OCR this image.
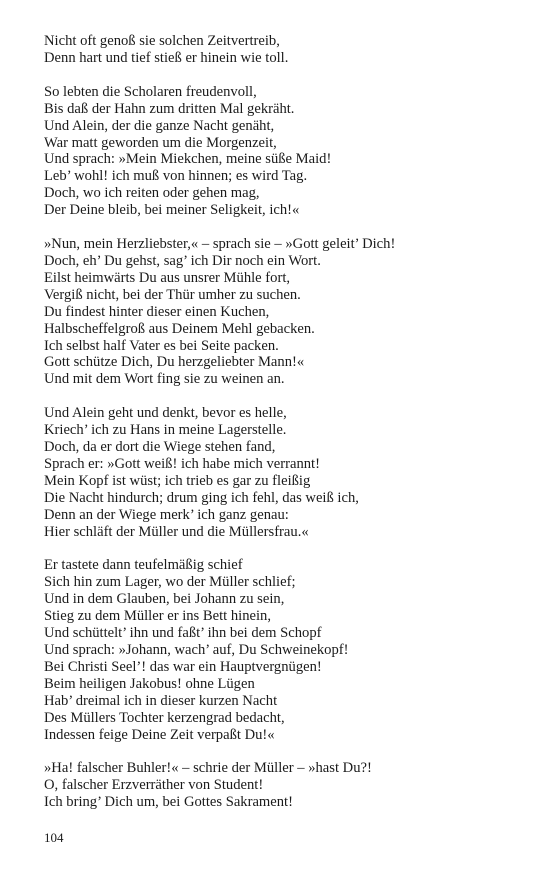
Nicht oft genoß sie solchen Zeitvertreib,
Denn hart und tief stieß er hinein wie toll.
So lebten die Scholaren freudenvoll,
Bis daß der Hahn zum dritten Mal gekräht.
Und Alein, der die ganze Nacht genäht,
War matt geworden um die Morgenzeit,
Und sprach: »Mein Miekchen, meine süße Maid!
Leb’ wohl! ich muß von hinnen; es wird Tag.
Doch, wo ich reiten oder gehen mag,
Der Deine bleib, bei meiner Seligkeit, ich!«
»Nun, mein Herzliebster,« – sprach sie – »Gott geleit’ Dich!
Doch, eh’ Du gehst, sag’ ich Dir noch ein Wort.
Eilst heimwärts Du aus unsrer Mühle fort,
Vergiß nicht, bei der Thür umher zu suchen.
Du findest hinter dieser einen Kuchen,
Halbscheffelgroß aus Deinem Mehl gebacken.
Ich selbst half Vater es bei Seite packen.
Gott schütze Dich, Du herzgeliebter Mann!«
Und mit dem Wort fing sie zu weinen an.
Und Alein geht und denkt, bevor es helle,
Kriech’ ich zu Hans in meine Lagerstelle.
Doch, da er dort die Wiege stehen fand,
Sprach er: »Gott weiß! ich habe mich verrannt!
Mein Kopf ist wüst; ich trieb es gar zu fleißig
Die Nacht hindurch; drum ging ich fehl, das weiß ich,
Denn an der Wiege merk’ ich ganz genau:
Hier schläft der Müller und die Müllersfrau.«
Er tastete dann teufelmäßig schief
Sich hin zum Lager, wo der Müller schlief;
Und in dem Glauben, bei Johann zu sein,
Stieg zu dem Müller er ins Bett hinein,
Und schüttelt’ ihn und faßt’ ihn bei dem Schopf
Und sprach: »Johann, wach’ auf, Du Schweinekopf!
Bei Christi Seel’! das war ein Hauptvergnügen!
Beim heiligen Jakobus! ohne Lügen
Hab’ dreimal ich in dieser kurzen Nacht
Des Müllers Tochter kerzengrad bedacht,
Indessen feige Deine Zeit verpaßt Du!«
»Ha! falscher Buhler!« – schrie der Müller – »hast Du?!
O, falscher Erzverräther von Student!
Ich bring’ Dich um, bei Gottes Sakrament!
104
